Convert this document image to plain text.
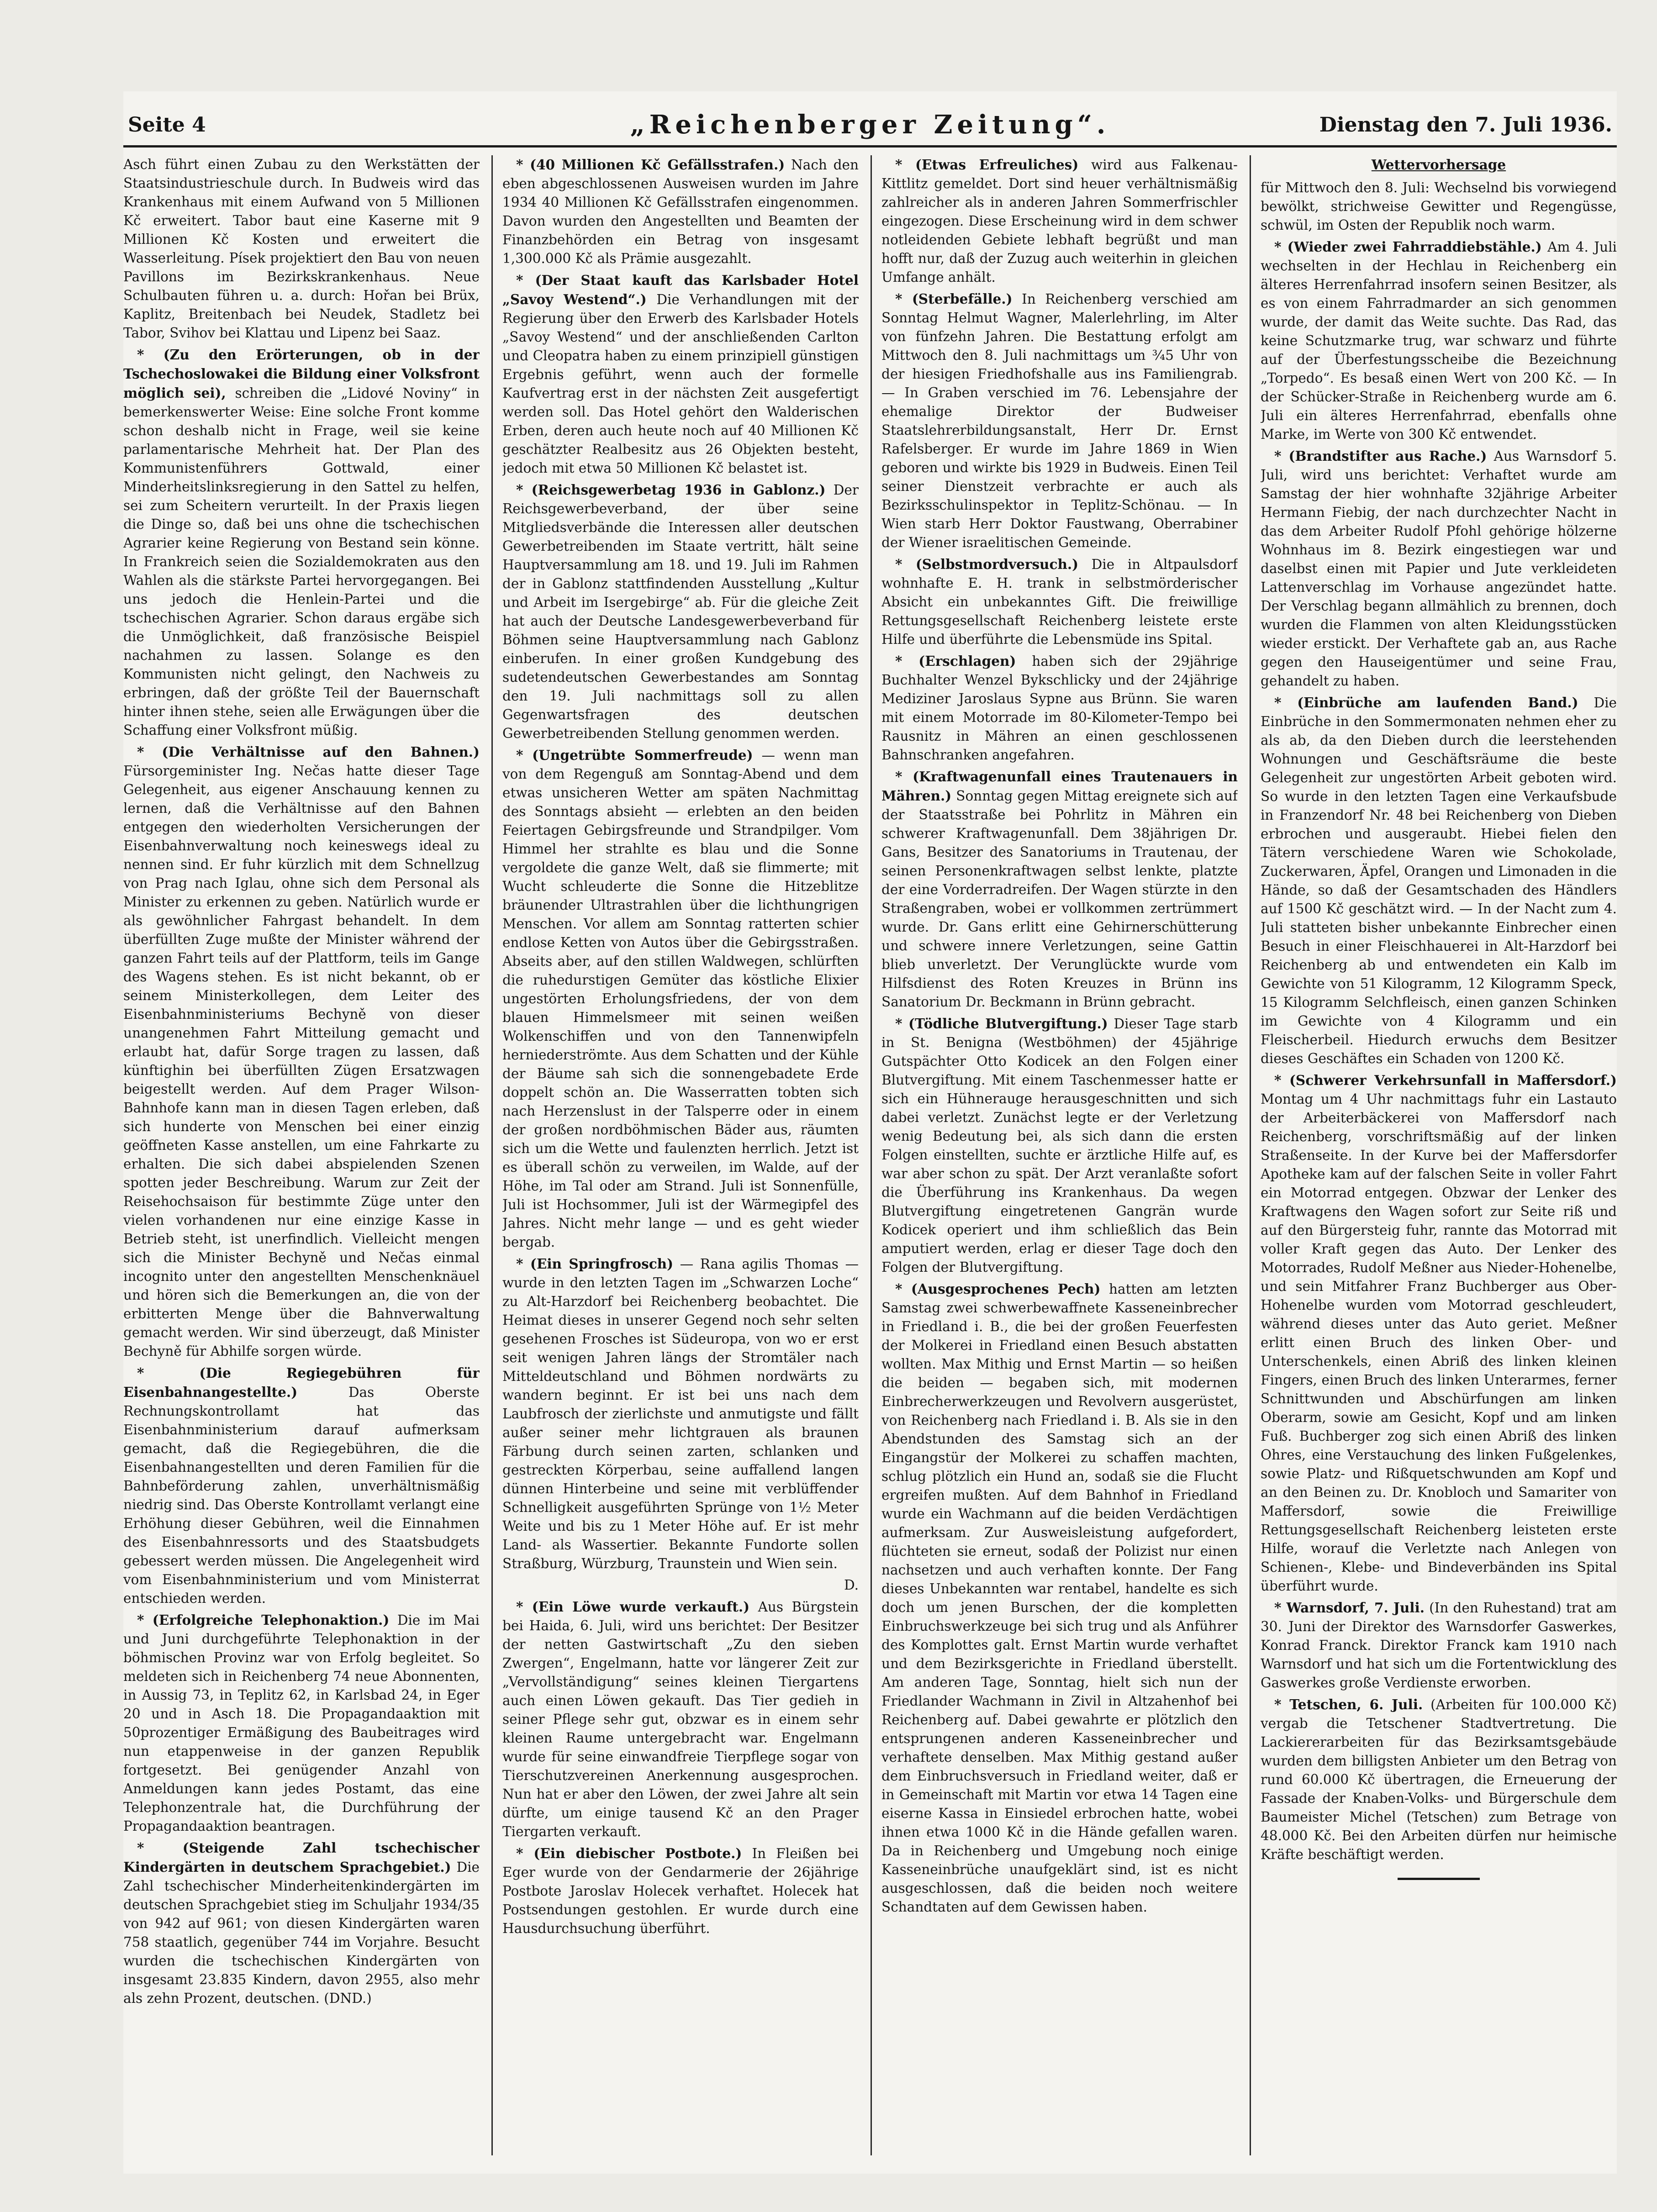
Seite 4	„Reichenberger Zeitung“.	Dienstag den 7. Juli 1936.

Asch führt einen Zubau zu den Werkstätten der Staatsindustrieschule durch. In Budweis wird das Krankenhaus mit einem Aufwand von 5 Millionen Kč erweitert. Tabor baut eine Kaserne mit 9 Millionen Kč Kosten und erweitert die Wasserleitung. Písek projektiert den Bau von neuen Pavillons im Bezirkskrankenhaus. Neue Schulbauten führen u. a. durch: Hořan bei Brüx, Kaplitz, Breitenbach bei Neudek, Stadletz bei Tabor, Svihov bei Klattau und Lipenz bei Saaz.

* (Zu den Erörterungen, ob in der Tschechoslowakei die Bildung einer Volksfront möglich sei), schreiben die „Lidové Noviny“ in bemerkenswerter Weise: Eine solche Front komme schon deshalb nicht in Frage, weil sie keine parlamentarische Mehrheit hat. Der Plan des Kommunistenführers Gottwald, einer Minderheitslinksregierung in den Sattel zu helfen, sei zum Scheitern verurteilt. In der Praxis liegen die Dinge so, daß bei uns ohne die tschechischen Agrarier keine Regierung von Bestand sein könne. In Frankreich seien die Sozialdemokraten aus den Wahlen als die stärkste Partei hervorgegangen. Bei uns jedoch die Henlein-Partei und die tschechischen Agrarier. Schon daraus ergäbe sich die Unmöglichkeit, daß französische Beispiel nachahmen zu lassen. Solange es den Kommunisten nicht gelingt, den Nachweis zu erbringen, daß der größte Teil der Bauernschaft hinter ihnen stehe, seien alle Erwägungen über die Schaffung einer Volksfront müßig.

* (Die Verhältnisse auf den Bahnen.) Fürsorgeminister Ing. Nečas hatte dieser Tage Gelegenheit, aus eigener Anschauung kennen zu lernen, daß die Verhältnisse auf den Bahnen entgegen den wiederholten Versicherungen der Eisenbahnverwaltung noch keineswegs ideal zu nennen sind. Er fuhr kürzlich mit dem Schnellzug von Prag nach Iglau, ohne sich dem Personal als Minister zu erkennen zu geben. Natürlich wurde er als gewöhnlicher Fahrgast behandelt. In dem überfüllten Zuge mußte der Minister während der ganzen Fahrt teils auf der Plattform, teils im Gange des Wagens stehen. Es ist nicht bekannt, ob er seinem Ministerkollegen, dem Leiter des Eisenbahnministeriums Bechyně von dieser unangenehmen Fahrt Mitteilung gemacht und erlaubt hat, dafür Sorge tragen zu lassen, daß künftighin bei überfüllten Zügen Ersatzwagen beigestellt werden. Auf dem Prager Wilson-Bahnhofe kann man in diesen Tagen erleben, daß sich hunderte von Menschen bei einer einzig geöffneten Kasse anstellen, um eine Fahrkarte zu erhalten. Die sich dabei abspielenden Szenen spotten jeder Beschreibung. Warum zur Zeit der Reisehochsaison für bestimmte Züge unter den vielen vorhandenen nur eine einzige Kasse in Betrieb steht, ist unerfindlich. Vielleicht mengen sich die Minister Bechyně und Nečas einmal incognito unter den angestellten Menschenknäuel und hören sich die Bemerkungen an, die von der erbitterten Menge über die Bahnverwaltung gemacht werden. Wir sind überzeugt, daß Minister Bechyně für Abhilfe sorgen würde.

* (Die Regiegebühren für Eisenbahnangestellte.)	Das Oberste Rechnungskontrollamt hat das Eisenbahnministerium darauf aufmerksam gemacht, daß die Regiegebühren, die die Eisenbahnangestellten und deren Familien für die Bahnbeförderung zahlen, unverhältnismäßig niedrig sind. Das Oberste Kontrollamt verlangt eine Erhöhung dieser Gebühren, weil die Einnahmen des Eisenbahnressorts und des Staatsbudgets gebessert werden müssen. Die Angelegenheit wird vom Eisenbahnministerium und vom Ministerrat entschieden werden.

* (Erfolgreiche Telephonaktion.) Die im Mai und Juni durchgeführte Telephonaktion in der böhmischen Provinz war von Erfolg begleitet. So meldeten sich in Reichenberg 74 neue Abonnenten, in Aussig 73, in Teplitz 62, in Karlsbad 24, in Eger 20 und in Asch 18. Die Propagandaaktion mit 50prozentiger Ermäßigung des Baubeitrages wird nun etappenweise in der ganzen Republik fortgesetzt. Bei genügender Anzahl von Anmeldungen kann jedes Postamt, das eine Telephonzentrale hat, die Durchführung der Propagandaaktion beantragen.

* (Steigende Zahl tschechischer Kindergärten in deutschem Sprachgebiet.) Die Zahl tschechischer Minderheitenkindergärten im deutschen Sprachgebiet stieg im Schuljahr 1934/35 von 942 auf 961; von diesen Kindergärten waren 758 staatlich, gegenüber 744 im Vorjahre. Besucht wurden die tschechischen Kindergärten von insgesamt 23.835 Kindern, davon 2955, also mehr als zehn Prozent, deutschen. (DND.)

* (40 Millionen Kč Gefällsstrafen.) Nach den eben abgeschlossenen Ausweisen wurden im Jahre 1934 40 Millionen Kč Gefällsstrafen eingenommen. Davon wurden den Angestellten und Beamten der Finanzbehörden ein Betrag von insgesamt 1,300.000 Kč als Prämie ausgezahlt.

* (Der Staat kauft das Karlsbader Hotel „Savoy Westend“.) Die Verhandlungen mit der Regierung über den Erwerb des Karlsbader Hotels „Savoy Westend“ und der anschließenden Carlton und Cleopatra haben zu einem prinzipiell günstigen Ergebnis geführt, wenn auch der formelle Kaufvertrag erst in der nächsten Zeit ausgefertigt werden soll. Das Hotel gehört den Walderischen Erben, deren auch heute noch auf 40 Millionen Kč geschätzter Realbesitz aus 26 Objekten besteht, jedoch mit etwa 50 Millionen Kč belastet ist.

* (Reichsgewerbetag 1936 in Gablonz.) Der Reichsgewerbeverband, der über seine Mitgliedsverbände die Interessen aller deutschen Gewerbetreibenden im Staate vertritt, hält seine Hauptversammlung am 18. und 19. Juli im Rahmen der in Gablonz stattfindenden Ausstellung „Kultur und Arbeit im Isergebirge“ ab. Für die gleiche Zeit hat auch der Deutsche Landesgewerbeverband für Böhmen seine Hauptversammlung nach Gablonz einberufen. In einer großen Kundgebung des sudetendeutschen Gewerbestandes am Sonntag den 19. Juli nachmittags soll zu allen Gegenwartsfragen des deutschen Gewerbetreibenden Stellung genommen werden.

* (Ungetrübte Sommerfreude) — wenn man von dem Regenguß am Sonntag-Abend und dem etwas unsicheren Wetter am späten Nachmittag des Sonntags absieht — erlebten an den beiden Feiertagen Gebirgsfreunde und Strandpilger. Vom Himmel her strahlte es blau und die Sonne vergoldete die ganze Welt, daß sie flimmerte; mit Wucht schleuderte die Sonne die Hitzeblitze bräunender Ultrastrahlen über die lichthungrigen Menschen. Vor allem am Sonntag ratterten schier endlose Ketten von Autos über die Gebirgsstraßen. Abseits aber, auf den stillen Waldwegen, schlürften die ruhedurstigen Gemüter das köstliche Elixier ungestörten Erholungsfriedens, der von dem blauen Himmelsmeer mit seinen weißen Wolkenschiffen und von den Tannenwipfeln herniederströmte. Aus dem Schatten und der Kühle der Bäume sah sich die sonnengebadete Erde doppelt schön an. Die Wasserratten tobten sich nach Herzenslust in der Talsperre oder in einem der großen nordböhmischen Bäder aus, räumten sich um die Wette und faulenzten herrlich. Jetzt ist es überall schön zu verweilen, im Walde, auf der Höhe, im Tal oder am Strand. Juli ist Sonnenfülle, Juli ist Hochsommer, Juli ist der Wärmegipfel des Jahres. Nicht mehr lange — und es geht wieder bergab.

* (Ein Springfrosch) — Rana agilis Thomas — wurde in den letzten Tagen im „Schwarzen Loche“ zu Alt-Harzdorf bei Reichenberg beobachtet. Die Heimat dieses in unserer Gegend noch sehr selten gesehenen Frosches ist Südeuropa, von wo er erst seit wenigen Jahren längs der Stromtäler nach Mitteldeutschland und Böhmen nordwärts zu wandern beginnt. Er ist bei uns nach dem Laubfrosch der zierlichste und anmutigste und fällt außer seiner mehr lichtgrauen als braunen Färbung durch seinen zarten, schlanken und gestreckten Körperbau, seine auffallend langen dünnen Hinterbeine und seine mit verblüffender Schnelligkeit ausgeführten Sprünge von 1½ Meter Weite und bis zu 1 Meter Höhe auf. Er ist mehr Land- als Wassertier. Bekannte Fundorte sollen Straßburg, Würzburg, Traunstein und Wien sein.

D.

* (Ein Löwe wurde verkauft.) Aus Bürgstein bei Haida, 6. Juli, wird uns berichtet: Der Besitzer der netten Gastwirtschaft „Zu den sieben Zwergen“, Engelmann, hatte vor längerer Zeit zur „Vervollständigung“ seines kleinen Tiergartens auch einen Löwen gekauft. Das Tier gedieh in seiner Pflege sehr gut, obzwar es in einem sehr kleinen Raume untergebracht war. Engelmann wurde für seine einwandfreie Tierpflege sogar von Tierschutzvereinen Anerkennung ausgesprochen. Nun hat er aber den Löwen, der zwei Jahre alt sein dürfte, um einige tausend Kč an den Prager Tiergarten verkauft.

* (Ein diebischer Postbote.) In Fleißen bei Eger wurde von der Gendarmerie der 26jährige Postbote Jaroslav Holecek verhaftet. Holecek hat Postsendungen gestohlen. Er wurde durch eine Hausdurchsuchung überführt.

* (Etwas Erfreuliches) wird aus Falkenau-Kittlitz gemeldet. Dort sind heuer verhältnismäßig zahlreicher als in anderen Jahren Sommerfrischler eingezogen. Diese Erscheinung wird in dem schwer notleidenden Gebiete lebhaft begrüßt und man hofft nur, daß der Zuzug auch weiterhin in gleichen Umfange anhält.

* (Sterbefälle.) In Reichenberg verschied am Sonntag Helmut Wagner, Malerlehrling, im Alter von fünfzehn Jahren. Die Bestattung erfolgt am Mittwoch den 8. Juli nachmittags um ¾5 Uhr von der hiesigen Friedhofshalle aus ins Familiengrab. — In Graben verschied im 76. Lebensjahre der ehemalige Direktor der Budweiser Staatslehrerbildungsanstalt, Herr Dr. Ernst Rafelsberger. Er wurde im Jahre 1869 in Wien geboren und wirkte bis 1929 in Budweis. Einen Teil seiner Dienstzeit verbrachte er auch als Bezirksschulinspektor in Teplitz-Schönau. — In Wien starb Herr Doktor Faustwang, Oberrabiner der Wiener israelitischen Gemeinde.

* (Selbstmordversuch.) Die in Altpaulsdorf wohnhafte E. H. trank in selbstmörderischer Absicht ein unbekanntes Gift. Die freiwillige Rettungsgesellschaft Reichenberg leistete erste Hilfe und überführte die Lebensmüde ins Spital.

* (Erschlagen) haben sich der 29jährige Buchhalter Wenzel Bykschlicky und der 24jährige Mediziner Jaroslaus Sypne aus Brünn. Sie waren mit einem Motorrade im 80-Kilometer-Tempo bei Rausnitz in Mähren an einen geschlossenen Bahnschranken angefahren.

* (Kraftwagenunfall eines Trautenauers in Mähren.) Sonntag gegen Mittag ereignete sich auf der Staatsstraße bei Pohrlitz in Mähren ein schwerer Kraftwagenunfall. Dem 38jährigen Dr. Gans, Besitzer des Sanatoriums in Trautenau, der seinen Personenkraftwagen selbst lenkte, platzte der eine Vorderradreifen. Der Wagen stürzte in den Straßengraben, wobei er vollkommen zertrümmert wurde. Dr. Gans erlitt eine Gehirnerschütterung und schwere innere Verletzungen, seine Gattin blieb unverletzt. Der Verunglückte wurde vom Hilfsdienst des Roten Kreuzes in Brünn ins Sanatorium Dr. Beckmann in Brünn gebracht.

* (Tödliche Blutvergiftung.) Dieser Tage starb in St. Benigna (Westböhmen) der 45jährige Gutspächter Otto Kodicek an den Folgen einer Blutvergiftung. Mit einem Taschenmesser hatte er sich ein Hühnerauge herausgeschnitten und sich dabei verletzt. Zunächst legte er der Verletzung wenig Bedeutung bei, als sich dann die ersten Folgen einstellten, suchte er ärztliche Hilfe auf, es war aber schon zu spät. Der Arzt veranlaßte sofort die Überführung ins Krankenhaus. Da wegen Blutvergiftung eingetretenen Gangrän wurde Kodicek operiert und ihm schließlich das Bein amputiert werden, erlag er dieser Tage doch den Folgen der Blutvergiftung.

* (Ausgesprochenes Pech) hatten am letzten Samstag zwei schwerbewaffnete Kasseneinbrecher in Friedland i. B., die bei der großen Feuerfesten der Molkerei in Friedland einen Besuch abstatten wollten. Max Mithig und Ernst Martin — so heißen die beiden — begaben sich, mit modernen Einbrecherwerkzeugen und Revolvern ausgerüstet, von Reichenberg nach Friedland i. B. Als sie in den Abendstunden des Samstag sich an der Eingangstür der Molkerei zu schaffen machten, schlug plötzlich ein Hund an, sodaß sie die Flucht ergreifen mußten. Auf dem Bahnhof in Friedland wurde ein Wachmann auf die beiden Verdächtigen aufmerksam. Zur Ausweisleistung aufgefordert, flüchteten sie erneut, sodaß der Polizist nur einen nachsetzen und auch verhaften konnte. Der Fang dieses Unbekannten war rentabel, handelte es sich doch um jenen Burschen, der die kompletten Einbruchswerkzeuge bei sich trug und als Anführer des Komplottes galt. Ernst Martin wurde verhaftet und dem Bezirksgerichte in Friedland überstellt. Am anderen Tage, Sonntag, hielt sich nun der Friedlander Wachmann in Zivil in Altzahenhof bei Reichenberg auf. Dabei gewahrte er plötzlich den entsprungenen anderen Kasseneinbrecher und verhaftete denselben. Max Mithig gestand außer dem Einbruchsversuch in Friedland weiter, daß er in Gemeinschaft mit Martin vor etwa 14 Tagen eine eiserne Kassa in Einsiedel erbrochen hatte, wobei ihnen etwa 1000 Kč in die Hände gefallen waren. Da in Reichenberg und Umgebung noch einige Kasseneinbrüche unaufgeklärt sind, ist es nicht ausgeschlossen, daß die beiden noch weitere Schandtaten auf dem Gewissen haben.

Wettervorhersage

für Mittwoch den 8. Juli: Wechselnd bis vorwiegend bewölkt, strichweise Gewitter und Regengüsse, schwül, im Osten der Republik noch warm.

* (Wieder zwei Fahrraddiebstähle.) Am 4. Juli wechselten in der Hechlau in Reichenberg ein älteres Herrenfahrrad insofern seinen Besitzer, als es von einem Fahrradmarder an sich genommen wurde, der damit das Weite suchte. Das Rad, das keine Schutzmarke trug, war schwarz und führte auf der Überfestungsscheibe die Bezeichnung „Torpedo“. Es besaß einen Wert von 200 Kč. — In der Schücker-Straße in Reichenberg wurde am 6. Juli ein älteres Herrenfahrrad, ebenfalls ohne Marke, im Werte von 300 Kč entwendet.

* (Brandstifter aus Rache.) Aus Warnsdorf 5. Juli, wird uns berichtet: Verhaftet wurde am Samstag der hier wohnhafte 32jährige Arbeiter Hermann Fiebig, der nach durchzechter Nacht in das dem Arbeiter Rudolf Pfohl gehörige hölzerne Wohnhaus im 8. Bezirk eingestiegen war und daselbst einen mit Papier und Jute verkleideten Lattenverschlag im Vorhause angezündet hatte. Der Verschlag begann allmählich zu brennen, doch wurden die Flammen von alten Kleidungsstücken wieder erstickt. Der Verhaftete gab an, aus Rache gegen den Hauseigentümer und seine Frau, gehandelt zu haben.

* (Einbrüche am laufenden Band.) Die Einbrüche in den Sommermonaten nehmen eher zu als ab, da den Dieben durch die leerstehenden Wohnungen und Geschäftsräume die beste Gelegenheit zur ungestörten Arbeit geboten wird. So wurde in den letzten Tagen eine Verkaufsbude in Franzendorf Nr. 48 bei Reichenberg von Dieben erbrochen und ausgeraubt. Hiebei fielen den Tätern verschiedene Waren wie Schokolade, Zuckerwaren, Äpfel, Orangen und Limonaden in die Hände, so daß der Gesamtschaden des Händlers auf 1500 Kč geschätzt wird. — In der Nacht zum 4. Juli statteten bisher unbekannte Einbrecher einen Besuch in einer Fleischhauerei in Alt-Harzdorf bei Reichenberg ab und entwendeten ein Kalb im Gewichte von 51 Kilogramm, 12 Kilogramm Speck, 15 Kilogramm Selchfleisch, einen ganzen Schinken im Gewichte von 4 Kilogramm und ein Fleischerbeil. Hiedurch erwuchs dem Besitzer dieses Geschäftes ein Schaden von 1200 Kč.

* (Schwerer Verkehrsunfall in Maffersdorf.) Montag um 4 Uhr nachmittags fuhr ein Lastauto der Arbeiterbäckerei von Maffersdorf nach Reichenberg, vorschriftsmäßig auf der linken Straßenseite. In der Kurve bei der Maffersdorfer Apotheke kam auf der falschen Seite in voller Fahrt ein Motorrad entgegen. Obzwar der Lenker des Kraftwagens den Wagen sofort zur Seite riß und auf den Bürgersteig fuhr, rannte das Motorrad mit voller Kraft gegen das Auto. Der Lenker des Motorrades, Rudolf Meßner aus Nieder-Hohenelbe, und sein Mitfahrer Franz Buchberger aus Ober-Hohenelbe wurden vom Motorrad geschleudert, während dieses unter das Auto geriet. Meßner erlitt einen Bruch des linken Ober- und Unterschenkels, einen Abriß des linken kleinen Fingers, einen Bruch des linken Unterarmes, ferner Schnittwunden und Abschürfungen am linken Oberarm, sowie am Gesicht, Kopf und am linken Fuß. Buchberger zog sich einen Abriß des linken Ohres, eine Verstauchung des linken Fußgelenkes, sowie Platz- und Rißquetschwunden am Kopf und an den Beinen zu. Dr. Knobloch und Samariter von Maffersdorf, sowie die Freiwillige Rettungsgesellschaft Reichenberg leisteten erste Hilfe, worauf die Verletzte nach Anlegen von Schienen-, Klebe- und Bindeverbänden ins Spital überführt wurde.

* Warnsdorf, 7. Juli. (In den Ruhestand) trat am 30. Juni der Direktor des Warnsdorfer Gaswerkes, Konrad Franck. Direktor Franck kam 1910 nach Warnsdorf und hat sich um die Fortentwicklung des Gaswerkes große Verdienste erworben.

* Tetschen, 6. Juli. (Arbeiten für 100.000 Kč) vergab die Tetschener Stadtvertretung. Die Lackiererarbeiten für das Bezirksamtsgebäude wurden dem billigsten Anbieter um den Betrag von rund 60.000 Kč übertragen, die Erneuerung der Fassade der Knaben-Volks- und Bürgerschule dem Baumeister Michel (Tetschen) zum Betrage von 48.000 Kč. Bei den Arbeiten dürfen nur heimische Kräfte beschäftigt werden.
